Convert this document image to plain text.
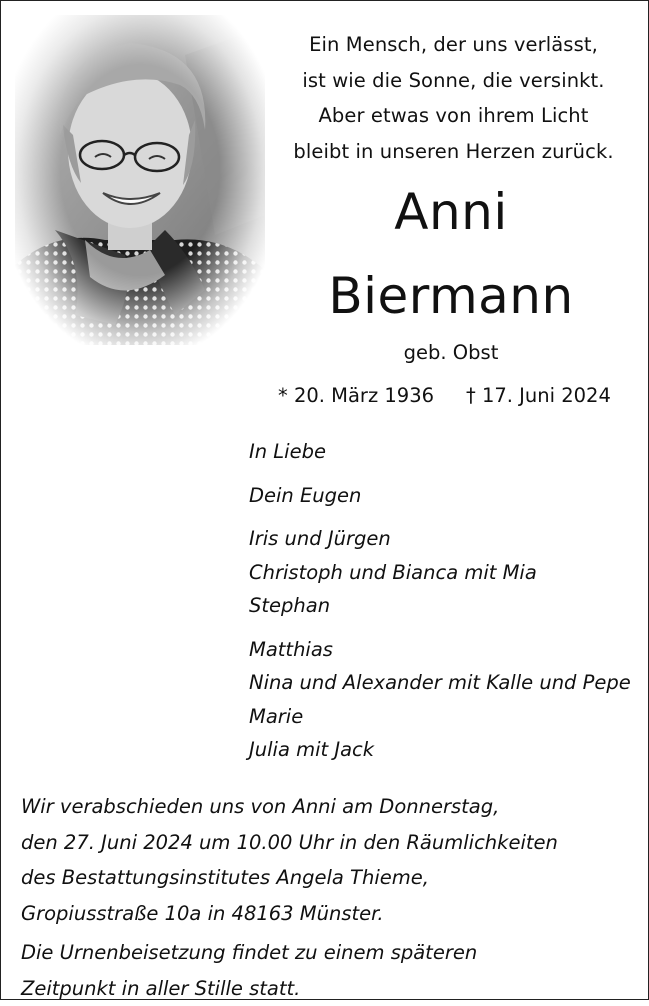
Ein Mensch, der uns verlässt,
ist wie die Sonne, die versinkt.
Aber etwas von ihrem Licht
bleibt in unseren Herzen zurück.
Anni
Biermann
geb. Obst
* 20. März 1936 † 17. Juni 2024
In Liebe
Dein Eugen
Iris und Jürgen
Christoph und Bianca mit Mia
Stephan
Matthias
Nina und Alexander mit Kalle und Pepe
Marie
Julia mit Jack
Wir verabschieden uns von Anni am Donnerstag,
den 27. Juni 2024 um 10.00 Uhr in den Räumlichkeiten
des Bestattungsinstitutes Angela Thieme,
Gropiusstraße 10a in 48163 Münster.
Die Urnenbeisetzung findet zu einem späteren
Zeitpunkt in aller Stille statt.
